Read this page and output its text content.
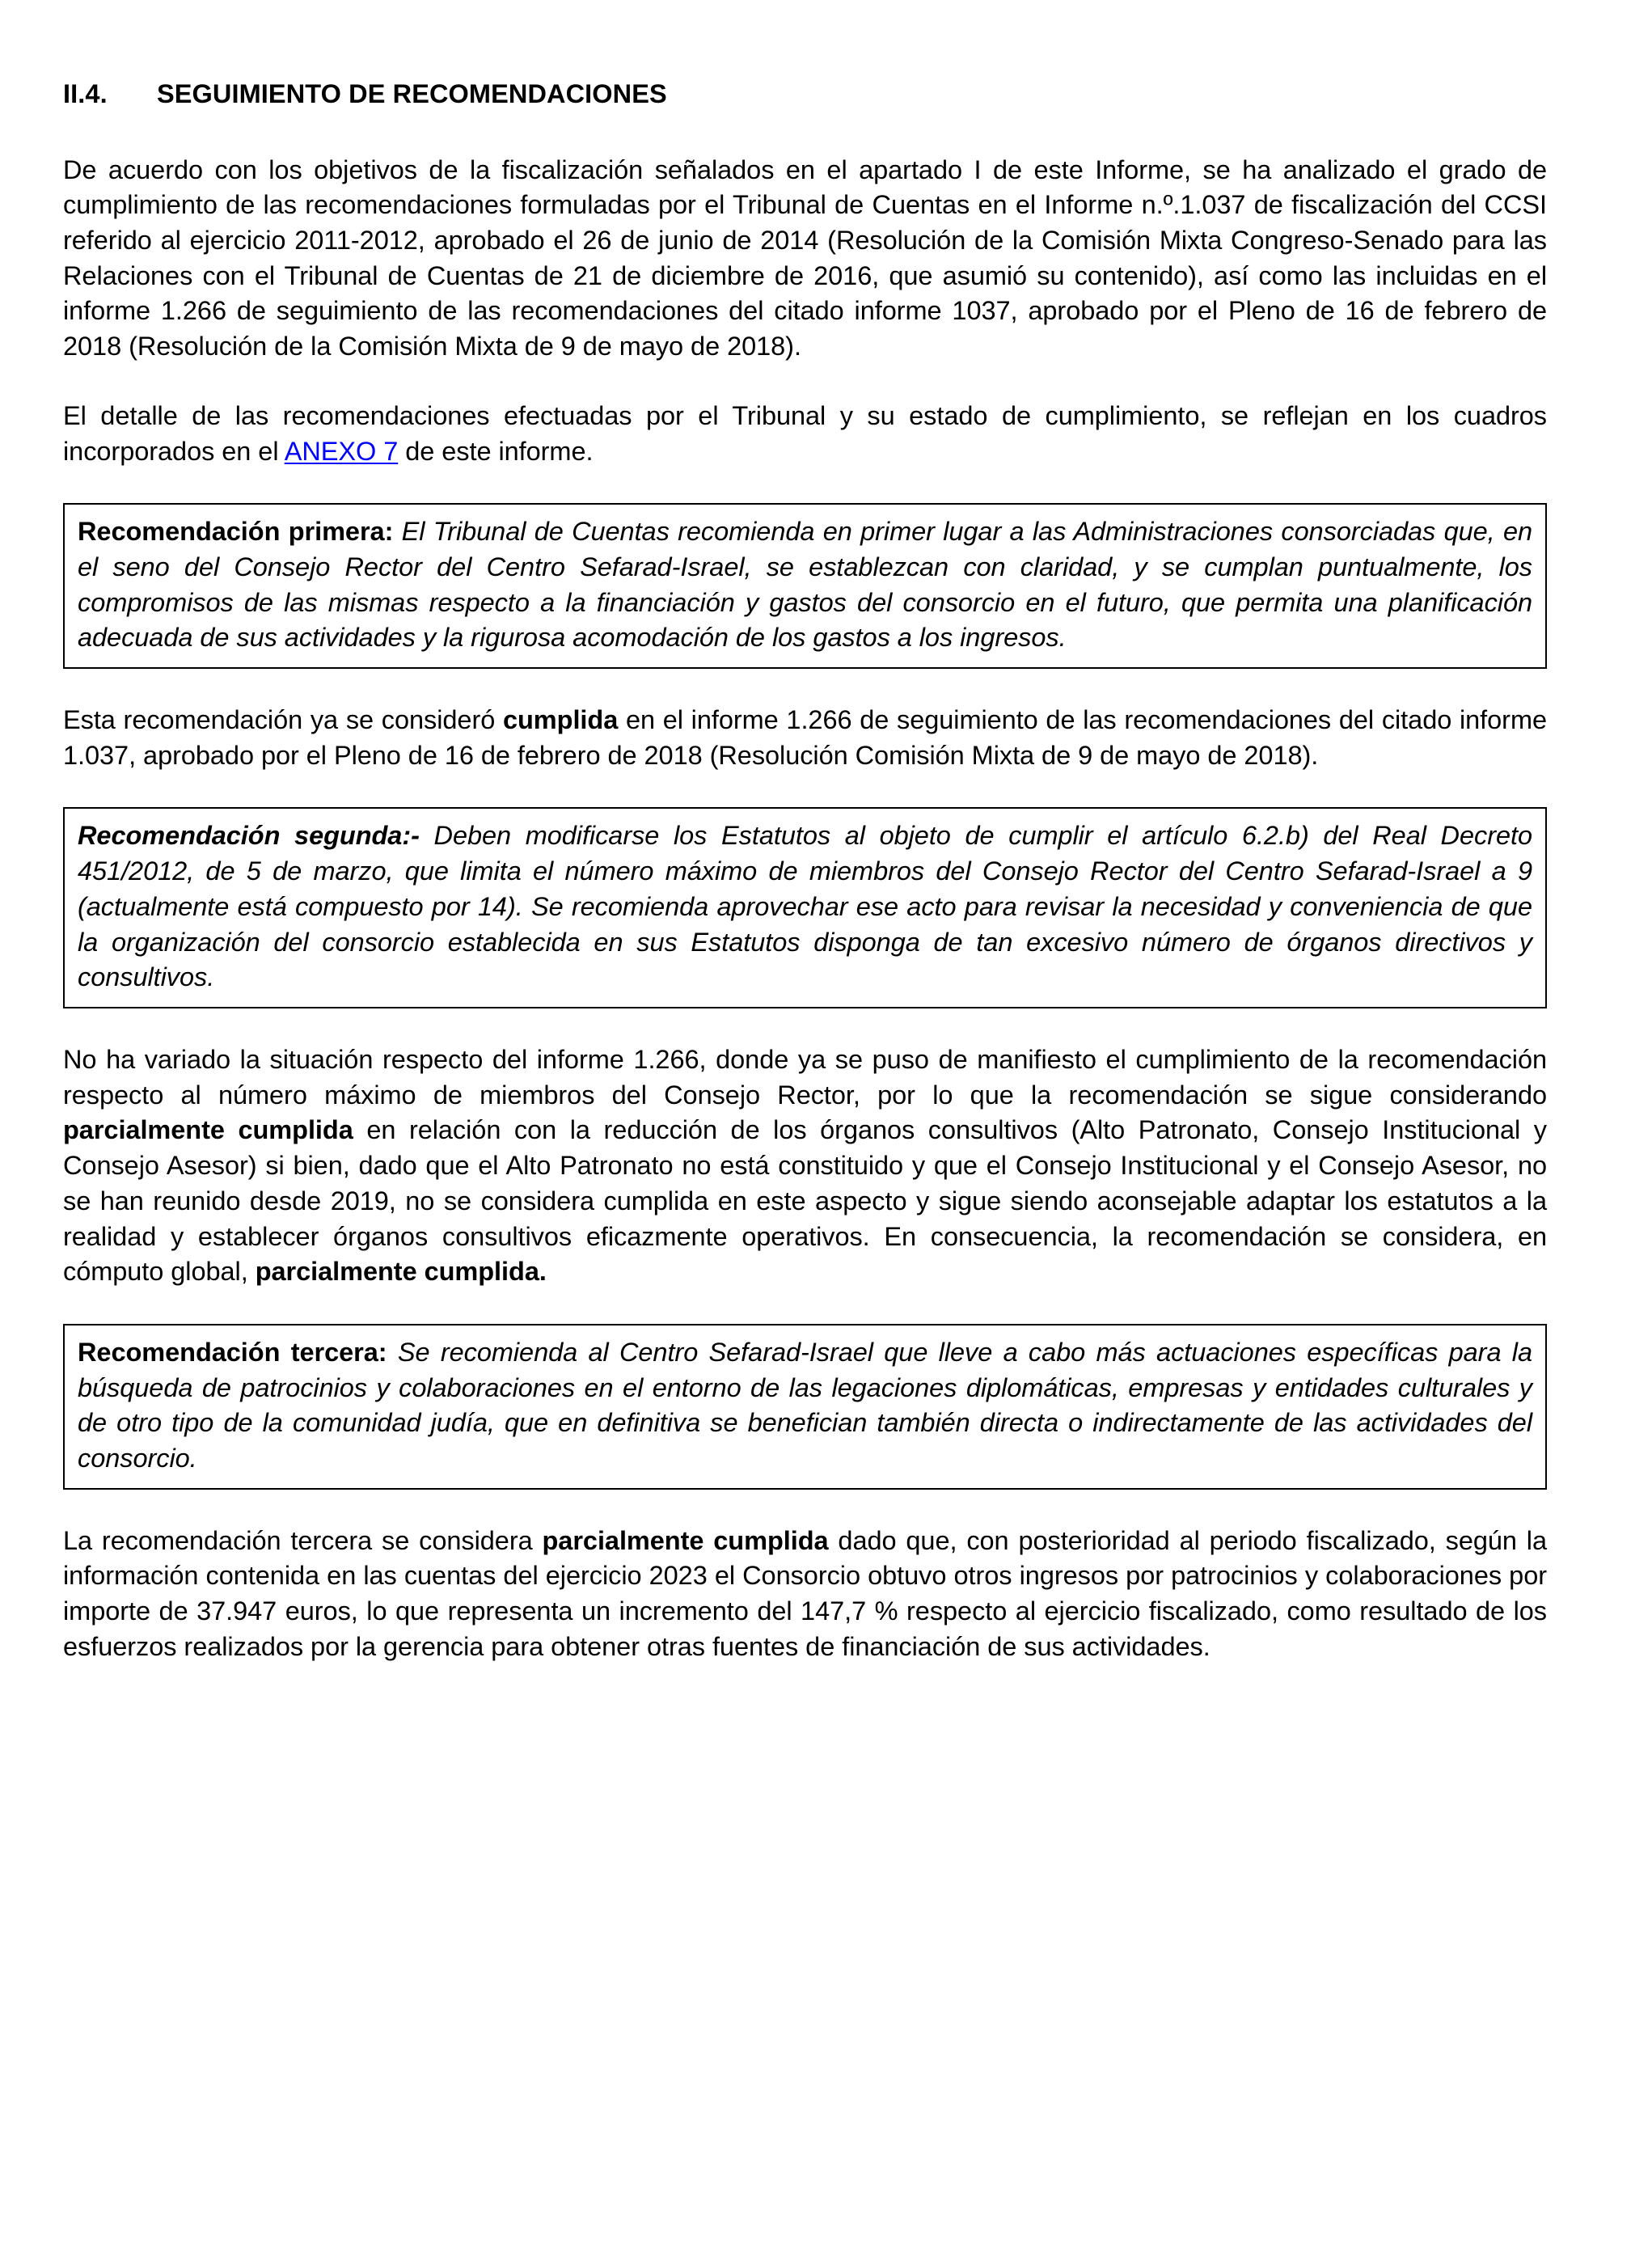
II.4.	SEGUIMIENTO DE RECOMENDACIONES

De acuerdo con los objetivos de la fiscalización señalados en el apartado I de este Informe, se ha analizado el grado de cumplimiento de las recomendaciones formuladas por el Tribunal de Cuentas en el Informe n.º.1.037 de fiscalización del CCSI referido al ejercicio 2011-2012, aprobado el 26 de junio de 2014 (Resolución de la Comisión Mixta Congreso-Senado para las Relaciones con el Tribunal de Cuentas de 21 de diciembre de 2016, que asumió su contenido), así como las incluidas en el informe 1.266 de seguimiento de las recomendaciones del citado informe 1037, aprobado por el Pleno de 16 de febrero de 2018 (Resolución de la Comisión Mixta de 9 de mayo de 2018).

El detalle de las recomendaciones efectuadas por el Tribunal y su estado de cumplimiento, se reflejan en los cuadros incorporados en el ANEXO 7 de este informe.

Recomendación primera: El Tribunal de Cuentas recomienda en primer lugar a las Administraciones consorciadas que, en el seno del Consejo Rector del Centro Sefarad-Israel, se establezcan con claridad, y se cumplan puntualmente, los compromisos de las mismas respecto a la financiación y gastos del consorcio en el futuro, que permita una planificación adecuada de sus actividades y la rigurosa acomodación de los gastos a los ingresos.

Esta recomendación ya se consideró cumplida en el informe 1.266 de seguimiento de las recomendaciones del citado informe 1.037, aprobado por el Pleno de 16 de febrero de 2018 (Resolución Comisión Mixta de 9 de mayo de 2018).

Recomendación segunda:- Deben modificarse los Estatutos al objeto de cumplir el artículo 6.2.b) del Real Decreto 451/2012, de 5 de marzo, que limita el número máximo de miembros del Consejo Rector del Centro Sefarad-Israel a 9 (actualmente está compuesto por 14). Se recomienda aprovechar ese acto para revisar la necesidad y conveniencia de que la organización del consorcio establecida en sus Estatutos disponga de tan excesivo número de órganos directivos y consultivos.

No ha variado la situación respecto del informe 1.266, donde ya se puso de manifiesto el cumplimiento de la recomendación respecto al número máximo de miembros del Consejo Rector, por lo que la recomendación se sigue considerando parcialmente cumplida en relación con la reducción de los órganos consultivos (Alto Patronato, Consejo Institucional y Consejo Asesor) si bien, dado que el Alto Patronato no está constituido y que el Consejo Institucional y el Consejo Asesor, no se han reunido desde 2019, no se considera cumplida en este aspecto y sigue siendo aconsejable adaptar los estatutos a la realidad y establecer órganos consultivos eficazmente operativos. En consecuencia, la recomendación se considera, en cómputo global, parcialmente cumplida.

Recomendación tercera: Se recomienda al Centro Sefarad-Israel que lleve a cabo más actuaciones específicas para la búsqueda de patrocinios y colaboraciones en el entorno de las legaciones diplomáticas, empresas y entidades culturales y de otro tipo de la comunidad judía, que en definitiva se benefician también directa o indirectamente de las actividades del consorcio.

La recomendación tercera se considera parcialmente cumplida dado que, con posterioridad al periodo fiscalizado, según la información contenida en las cuentas del ejercicio 2023 el Consorcio obtuvo otros ingresos por patrocinios y colaboraciones por importe de 37.947 euros, lo que representa un incremento del 147,7 % respecto al ejercicio fiscalizado, como resultado de los esfuerzos realizados por la gerencia para obtener otras fuentes de financiación de sus actividades.
